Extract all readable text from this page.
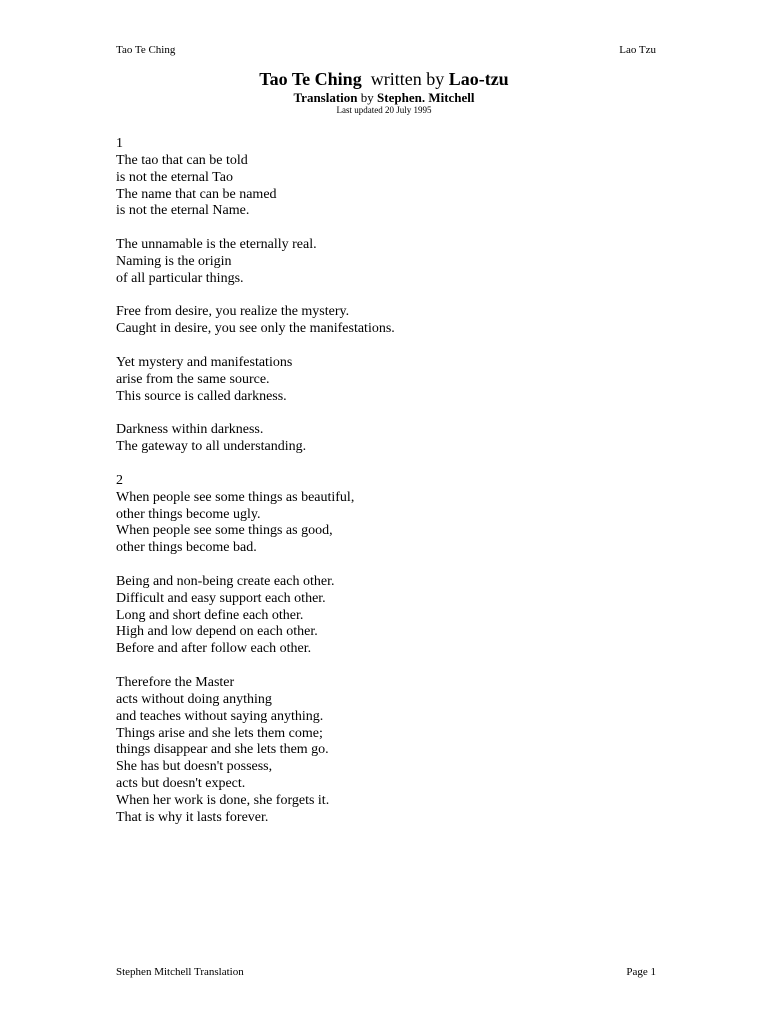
Tao Te Ching	Lao Tzu
Tao Te Ching written by Lao-tzu
Translation by Stephen. Mitchell
Last updated 20 July 1995
1
The tao that can be told
is not the eternal Tao
The name that can be named
is not the eternal Name.
The unnamable is the eternally real.
Naming is the origin
of all particular things.
Free from desire, you realize the mystery.
Caught in desire, you see only the manifestations.
Yet mystery and manifestations
arise from the same source.
This source is called darkness.
Darkness within darkness.
The gateway to all understanding.
2
When people see some things as beautiful,
other things become ugly.
When people see some things as good,
other things become bad.
Being and non-being create each other.
Difficult and easy support each other.
Long and short define each other.
High and low depend on each other.
Before and after follow each other.
Therefore the Master
acts without doing anything
and teaches without saying anything.
Things arise and she lets them come;
things disappear and she lets them go.
She has but doesn't possess,
acts but doesn't expect.
When her work is done, she forgets it.
That is why it lasts forever.
Stephen Mitchell Translation	Page 1
